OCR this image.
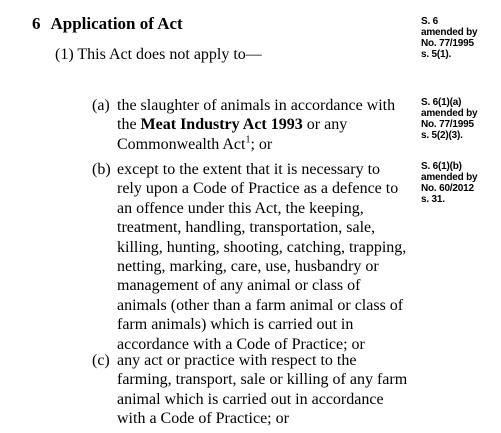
6 Application of Act
(1) This Act does not apply to—
(a) the slaughter of animals in accordance with
the Meat Industry Act 1993 or any
Commonwealth Act$^1$; or
(b) except to the extent that it is necessary to
rely upon a Code of Practice as a defence to
an offence under this Act, the keeping,
treatment, handling, transportation, sale,
killing, hunting, shooting, catching, trapping,
netting, marking, care, use, husbandry or
management of any animal or class of
animals (other than a farm animal or class of
farm animals) which is carried out in
accordance with a Code of Practice; or
(c) any act or practice with respect to the
farming, transport, sale or killing of any farm
animal which is carried out in accordance
with a Code of Practice; or
S. 6
amended by
No. 77/1995
s. 5(1).
S. 6(1)(a)
amended by
No. 77/1995
s. 5(2)(3).
S. 6(1)(b)
amended by
No. 60/2012
s. 31.
